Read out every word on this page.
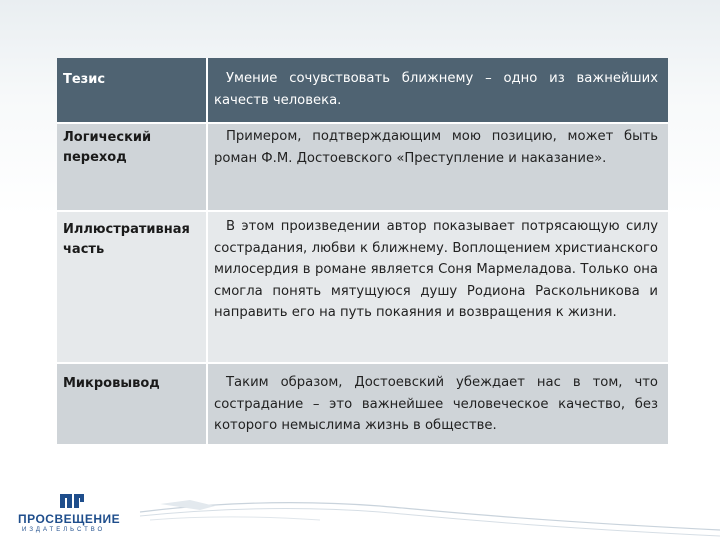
Тезис	Умение сочувствовать ближнему – одно из важнейших качеств человека.
Логический переход
Примером, подтверждающим мою позицию, может быть роман Ф.М. Достоевского «Преступление и наказание».
Иллюстративная часть
В этом произведении автор показывает потрясающую силу сострадания, любви к ближнему. Воплощением христианского милосердия в романе является Соня Мармеладова. Только она смогла понять мятущуюся душу Родиона Раскольникова и направить его на путь покаяния и возвращения к жизни.
Микровывод	Таким образом, Достоевский убеждает нас в том, что сострадание – это важнейшее человеческое качество, без которого немыслима жизнь в обществе.
ПРОСВЕЩЕНИЕ
ИЗДАТЕЛЬСТВО
